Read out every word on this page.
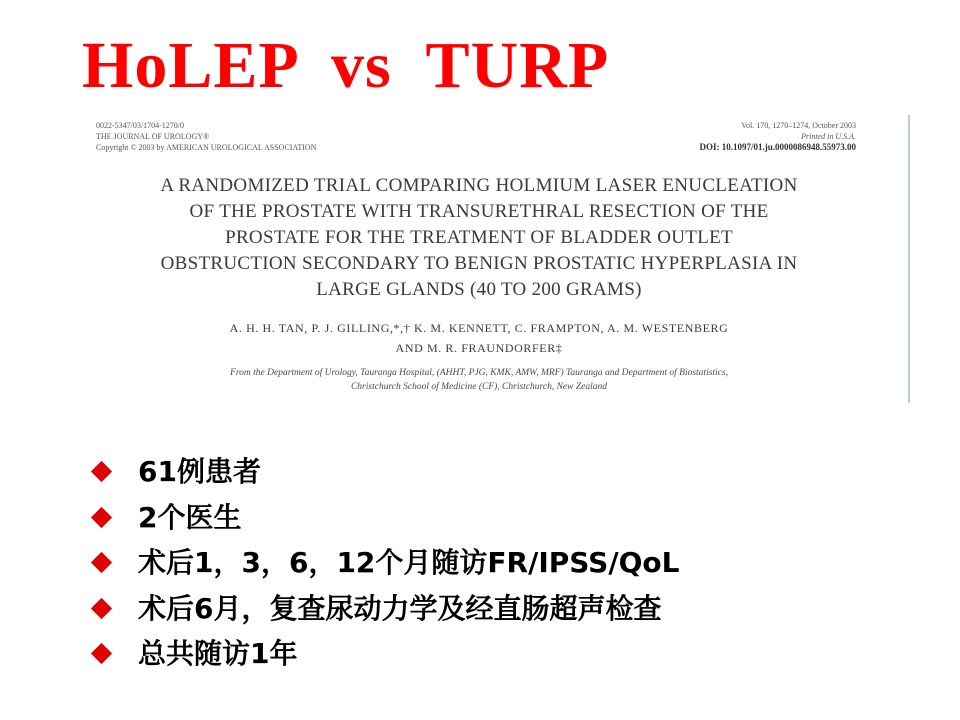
HoLEP  vs  TURP
0022-5347/03/1704-1270/0
THE JOURNAL OF UROLOGY®
Copyright © 2003 by AMERICAN UROLOGICAL ASSOCIATION
Vol. 170, 1270–1274, October 2003
Printed in U.S.A.
DOI: 10.1097/01.ju.0000086948.55973.00
A RANDOMIZED TRIAL COMPARING HOLMIUM LASER ENUCLEATION
OF THE PROSTATE WITH TRANSURETHRAL RESECTION OF THE
PROSTATE FOR THE TREATMENT OF BLADDER OUTLET
OBSTRUCTION SECONDARY TO BENIGN PROSTATIC HYPERPLASIA IN
LARGE GLANDS (40 TO 200 GRAMS)
A. H. H. TAN, P. J. GILLING,*,† K. M. KENNETT, C. FRAMPTON, A. M. WESTENBERG
AND M. R. FRAUNDORFER‡
From the Department of Urology, Tauranga Hospital, (AHHT, PJG, KMK, AMW, MRF) Tauranga and Department of Biostatistics,
Christchurch School of Medicine (CF), Christchurch, New Zealand
61例患者
2个医生
术后1，3，6，12个月随访FR/IPSS/QoL
术后6月，复查尿动力学及经直肠超声检查
总共随访1年
